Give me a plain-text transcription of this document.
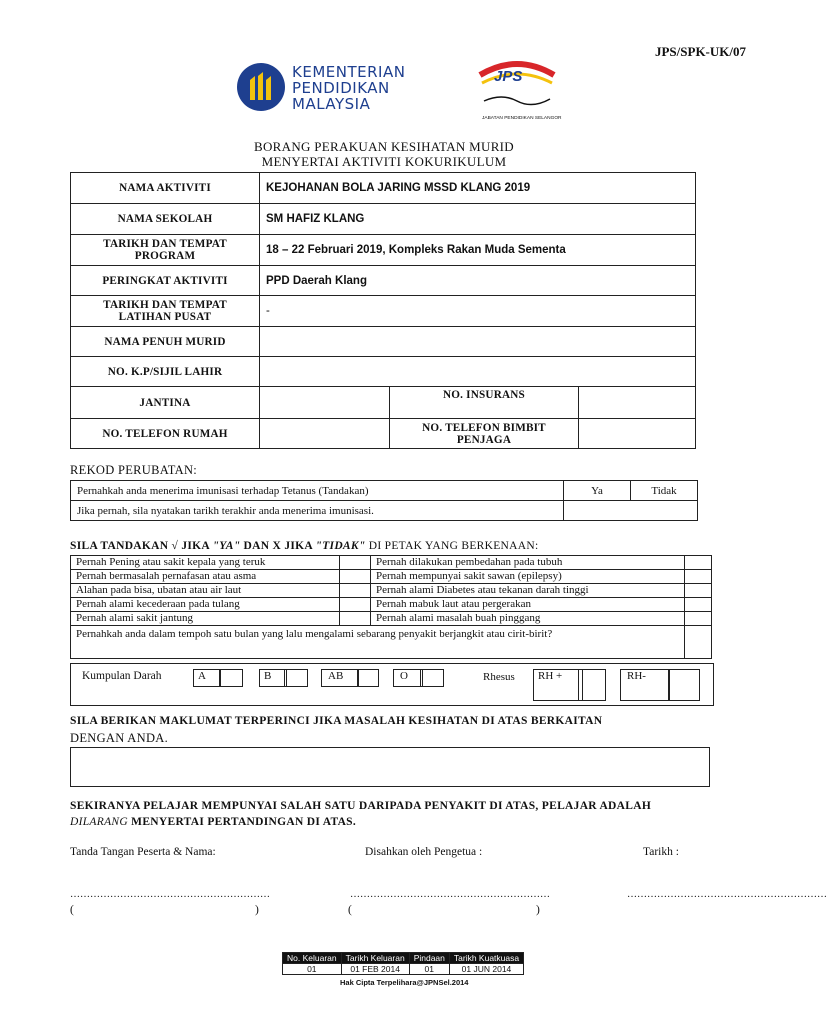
JPS/SPK-UK/07
KEMENTERIAN
PENDIDIKAN
MALAYSIA
JPS
JABATAN PENDIDIKAN SELANGOR
BORANG PERAKUAN KESIHATAN MURID
MENYERTAI AKTIVITI KOKURIKULUM
NAMA AKTIVITI	KEJOHANAN BOLA JARING MSSD KLANG 2019		
NAMA SEKOLAH	SM HAFIZ KLANG		
TARIKH DAN TEMPAT PROGRAM	18 – 22 Februari 2019, Kompleks Rakan Muda Sementa		
PERINGKAT AKTIVITI	PPD Daerah Klang		
TARIKH DAN TEMPAT LATIHAN PUSAT	-		
NAMA PENUH MURID			
NO. K.P/SIJIL LAHIR			
JANTINA		NO. INSURANS	
NO. TELEFON RUMAH		NO. TELEFON BIMBIT PENJAGA	
REKOD PERUBATAN:
Pernahkah anda menerima imunisasi terhadap Tetanus (Tandakan)	Ya	Tidak
Jika pernah, sila nyatakan tarikh terakhir anda menerima imunisasi.		
SILA TANDAKAN √ JIKA "YA" DAN X JIKA "TIDAK" DI PETAK YANG BERKENAAN:
Pernah Pening atau sakit kepala yang teruk		Pernah dilakukan pembedahan pada tubuh	
Pernah bermasalah pernafasan atau asma		Pernah mempunyai sakit sawan (epilepsy)	
Alahan pada bisa, ubatan atau air laut		Pernah alami Diabetes atau tekanan darah tinggi	
Pernah alami kecederaan pada tulang		Pernah mabuk laut atau pergerakan	
Pernah alami sakit jantung		Pernah alami masalah buah pinggang	
Pernahkah anda dalam tempoh satu bulan yang lalu mengalami sebarang penyakit berjangkit atau cirit-birit?			
Kumpulan Darah	A	B	AB	O	Rhesus	RH +	RH-
SILA BERIKAN MAKLUMAT TERPERINCI JIKA MASALAH KESIHATAN DI ATAS BERKAITAN
DENGAN ANDA.
SEKIRANYA PELAJAR MEMPUNYAI SALAH SATU DARIPADA PENYAKIT DI ATAS, PELAJAR ADALAH
DILARANG MENYERTAI PERTANDINGAN DI ATAS.
Tanda Tangan Peserta & Nama:	Disahkan oleh Pengetua :	Tarikh :
……………………………………………………	……………………………………………………	……………………………………………………
(	)	(	)
No. Keluaran	Tarikh Keluaran	Pindaan	Tarikh Kuatkuasa
01	01 FEB 2014	01	01 JUN 2014
Hak Cipta Terpelihara@JPNSel.2014
